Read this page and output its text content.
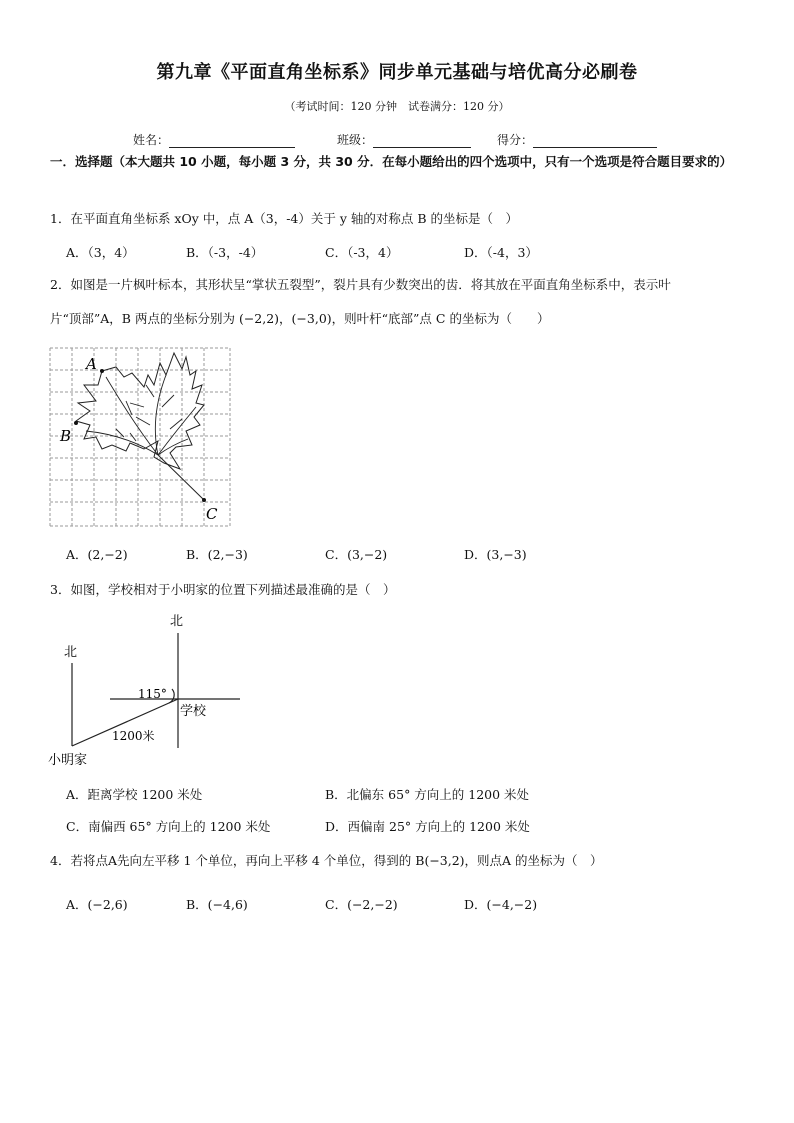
第九章《平面直角坐标系》同步单元基础与培优高分必刷卷
（考试时间：120 分钟　试卷满分：120 分）
姓名：	班级：	得分：
一．选择题（本大题共 10 小题，每小题 3 分，共 30 分．在每小题给出的四个选项中，只有一个选项是符合题目要求的）
1．在平面直角坐标系 xOy 中，点 A（3，-4）关于 y 轴的对称点 B 的坐标是（　）
A．（3，4）	B．（-3，-4）	C．（-3，4）	D．（-4，3）
2．如图是一片枫叶标本，其形状呈“掌状五裂型”，裂片具有少数突出的齿．将其放在平面直角坐标系中，表示叶
片“顶部”A，B 两点的坐标分别为 (−2,2)，(−3,0)，则叶杆“底部”点 C 的坐标为（　　）
A
B
C
A．(2,−2)	B．(2,−3)	C．(3,−2)	D．(3,−3)
3．如图，学校相对于小明家的位置下列描述最准确的是（　）
北
北
115°
学校
1200米
小明家
A．距离学校 1200 米处	B．北偏东 65° 方向上的 1200 米处
C．南偏西 65° 方向上的 1200 米处	D．西偏南 25° 方向上的 1200 米处
4．若将点A先向左平移 1 个单位，再向上平移 4 个单位，得到的 B(−3,2)，则点A 的坐标为（　）
A．(−2,6)	B．(−4,6)	C．(−2,−2)	D．(−4,−2)
